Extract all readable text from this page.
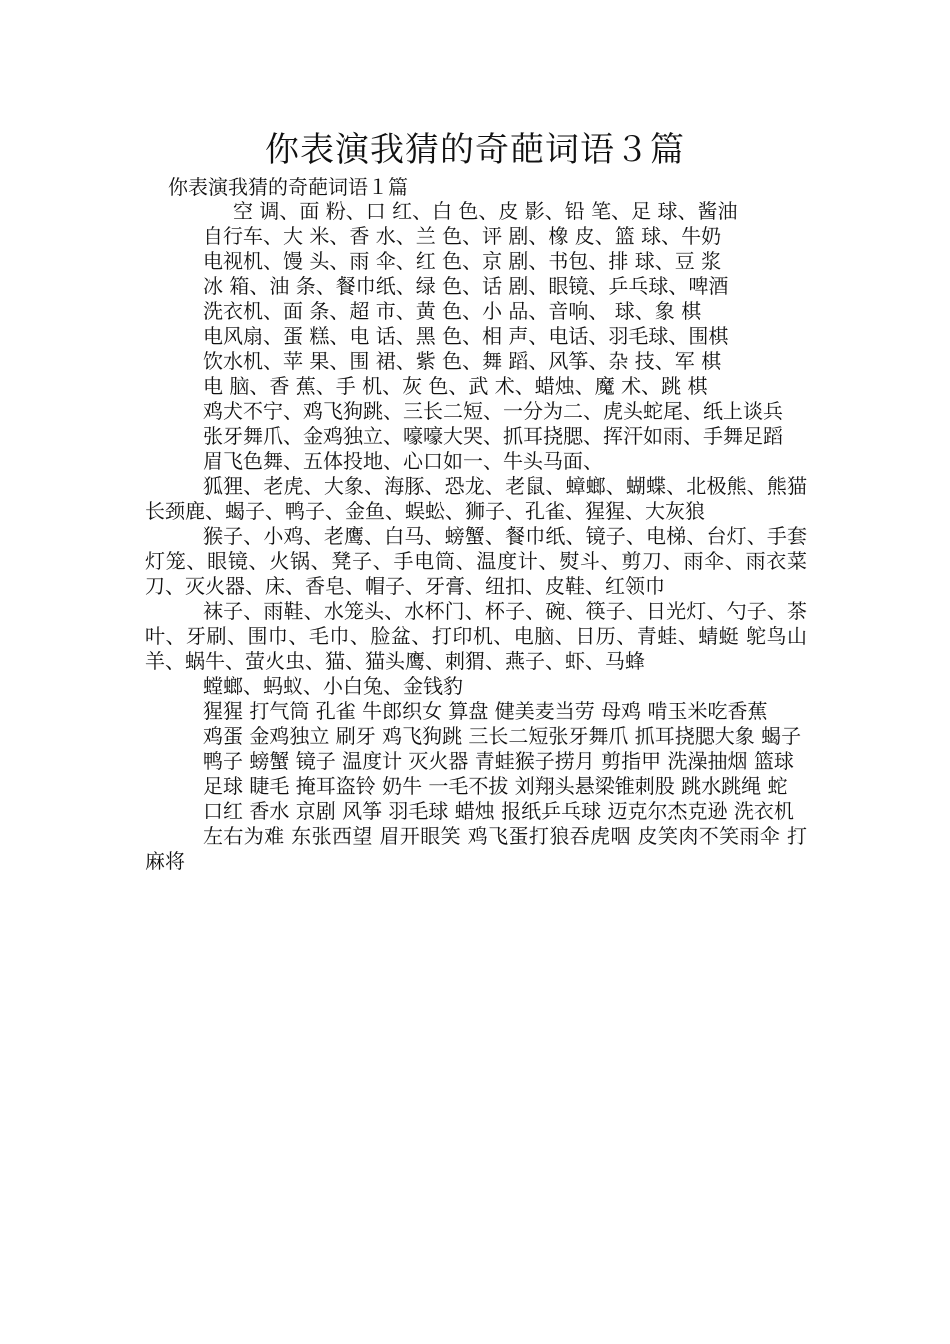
你表演我猜的奇葩词语３篇
你表演我猜的奇葩词语１篇

空 调、面 粉、口 红、白 色、皮 影、铅 笔、足 球、酱油

自行车、大 米、香 水、兰 色、评 剧、橡 皮、篮 球、牛奶

电视机、馒 头、雨 伞、红 色、京 剧、书包、排 球、豆 浆

冰 箱、油 条、餐巾纸、绿 色、话 剧、眼镜、乒乓球、啤酒

洗衣机、面 条、超 市、黄 色、小 品、音响、 球、象 棋

电风扇、蛋 糕、电 话、黑 色、相 声、电话、羽毛球、围棋

饮水机、苹 果、围 裙、紫 色、舞 蹈、风筝、杂 技、军 棋

电 脑、香 蕉、手 机、灰 色、武 术、蜡烛、魔 术、跳 棋

鸡犬不宁、鸡飞狗跳、三长二短、一分为二、虎头蛇尾、纸上谈兵

张牙舞爪、金鸡独立、嚎嚎大哭、抓耳挠腮、挥汗如雨、手舞足蹈

眉飞色舞、五体投地、心口如一、牛头马面、

狐狸、老虎、大象、海豚、恐龙、老鼠、蟑螂、蝴蝶、北极熊、熊猫长颈鹿、蝎子、鸭子、金鱼、蜈蚣、狮子、孔雀、猩猩、大灰狼

猴子、小鸡、老鹰、白马、螃蟹、餐巾纸、镜子、电梯、台灯、手套灯笼、眼镜、火锅、凳子、手电筒、温度计、熨斗、剪刀、雨伞、雨衣菜刀、灭火器、床、香皂、帽子、牙膏、纽扣、皮鞋、红领巾

袜子、雨鞋、水笼头、水杯门、杯子、碗、筷子、日光灯、勺子、茶叶、牙刷、围巾、毛巾、脸盆、打印机、电脑、日历、青蛙、蜻蜓 鸵鸟山羊、蜗牛、萤火虫、猫、猫头鹰、刺猬、燕子、虾、马蜂

螳螂、蚂蚁、小白兔、金钱豹

猩猩 打气筒 孔雀 牛郎织女 算盘 健美麦当劳 母鸡 啃玉米吃香蕉

鸡蛋 金鸡独立 刷牙 鸡飞狗跳 三长二短张牙舞爪 抓耳挠腮大象 蝎子

鸭子 螃蟹 镜子 温度计 灭火器 青蛙猴子捞月 剪指甲 洗澡抽烟 篮球

足球 睫毛 掩耳盗铃 奶牛 一毛不拔 刘翔头悬梁锥刺股 跳水跳绳 蛇

口红 香水 京剧 风筝 羽毛球 蜡烛 报纸乒乓球 迈克尔杰克逊 洗衣机

左右为难 东张西望 眉开眼笑 鸡飞蛋打狼吞虎咽 皮笑肉不笑雨伞 打麻将
